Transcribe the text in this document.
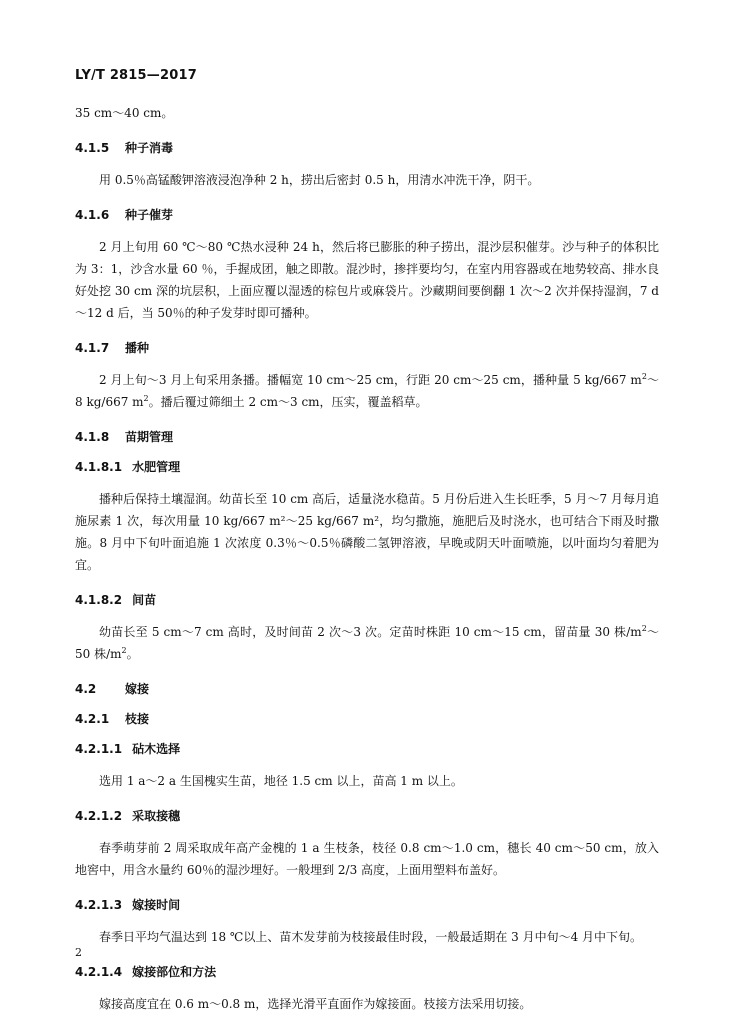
LY/T 2815—2017

35 cm～40 cm。

4.1.5 种子消毒

用 0.5％高锰酸钾溶液浸泡净种 2 h，捞出后密封 0.5 h，用清水冲洗干净，阴干。

4.1.6 种子催芽

2 月上旬用 60 ℃～80 ℃热水浸种 24 h，然后将已膨胀的种子捞出，混沙层积催芽。沙与种子的体积比为 3：1，沙含水量 60 ％，手握成团，触之即散。混沙时，掺拌要均匀，在室内用容器或在地势较高、排水良好处挖 30 cm 深的坑层积，上面应覆以湿透的棕包片或麻袋片。沙藏期间要倒翻 1 次～2 次并保持湿润，7 d～12 d 后，当 50％的种子发芽时即可播种。

4.1.7 播种

2 月上旬～3 月上旬采用条播。播幅宽 10 cm～25 cm，行距 20 cm～25 cm，播种量 5 kg/667 $m^2\sim 8$ kg/667 $m^2$。播后覆过筛细土 2 cm～3 cm，压实，覆盖稻草。

4.1.8 苗期管理

4.1.8.1 水肥管理

播种后保持土壤湿润。幼苗长至 10 cm 高后，适量浇水稳苗。5 月份后进入生长旺季，5 月～7 月每月追施尿素 1 次，每次用量 10 kg/667 m²～25 kg/667 m²，均匀撒施，施肥后及时浇水，也可结合下雨及时撒施。8 月中下旬叶面追施 1 次浓度 0.3％～0.5％磷酸二氢钾溶液，早晚或阴天叶面喷施，以叶面均匀着肥为宜。

4.1.8.2 间苗

幼苗长至 5 cm～7 cm 高时，及时间苗 2 次～3 次。定苗时株距 10 cm～15 cm，留苗量 30 株$/m^2\sim 50$ 株$/m^2$。

4.2 嫁接

4.2.1 枝接

4.2.1.1 砧木选择

选用 1 a～2 a 生国槐实生苗，地径 1.5 cm 以上，苗高 1 m 以上。

4.2.1.2 采取接穗

春季萌芽前 2 周采取成年高产金槐的 1 a 生枝条，枝径 0.8 cm～1.0 cm，穗长 40 cm～50 cm，放入地窖中，用含水量约 60％的湿沙埋好。一般埋到 2/3 高度，上面用塑料布盖好。

4.2.1.3 嫁接时间

春季日平均气温达到 18 ℃以上、苗木发芽前为枝接最佳时段，一般最适期在 3 月中旬～4 月中下旬。

4.2.1.4 嫁接部位和方法

嫁接高度宜在 0.6 m～0.8 m，选择光滑平直面作为嫁接面。枝接方法采用切接。

2
